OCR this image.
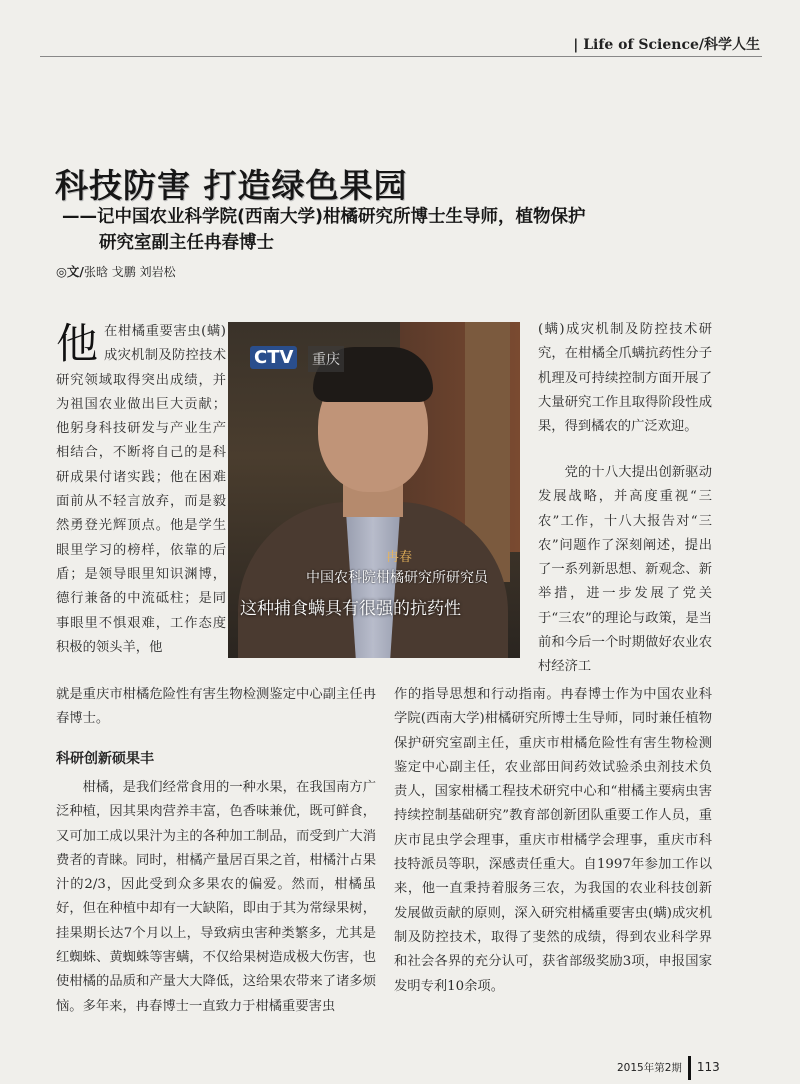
| Life of Science/科学人生
科技防害 打造绿色果园
——记中国农业科学院(西南大学)柑橘研究所博士生导师，植物保护
研究室副主任冉春博士
◎文/张晗 戈鹏 刘岩松
他 在柑橘重要害虫(螨)成灾机制及防控技术研究领域取得突出成绩，并为祖国农业做出巨大贡献；他躬身科技研发与产业生产相结合，不断将自己的是科研成果付诸实践；他在困难面前从不轻言放弃，而是毅然勇登光辉顶点。他是学生眼里学习的榜样，依靠的后盾；是领导眼里知识渊博，德行兼备的中流砥柱；是同事眼里不惧艰难，工作态度积极的领头羊，他

CTV 重庆
冉春
中国农科院柑橘研究所研究员
这种捕食螨具有很强的抗药性

(螨)成灾机制及防控技术研究，在柑橘全爪螨抗药性分子机理及可持续控制方面开展了大量研究工作且取得阶段性成果，得到橘农的广泛欢迎。

党的十八大提出创新驱动发展战略，并高度重视“三农”工作，十八大报告对“三农”问题作了深刻阐述，提出了一系列新思想、新观念、新举措，进一步发展了党关于“三农”的理论与政策，是当前和今后一个时期做好农业农村经济工

就是重庆市柑橘危险性有害生物检测鉴定中心副主任冉春博士。

科研创新硕果丰

柑橘，是我们经常食用的一种水果，在我国南方广泛种植，因其果肉营养丰富，色香味兼优，既可鲜食，又可加工成以果汁为主的各种加工制品，而受到广大消费者的青睐。同时，柑橘产量居百果之首，柑橘汁占果汁的2/3，因此受到众多果农的偏爱。然而，柑橘虽好，但在种植中却有一大缺陷，即由于其为常绿果树，挂果期长达7个月以上，导致病虫害种类繁多，尤其是红蜘蛛、黄蜘蛛等害螨，不仅给果树造成极大伤害，也使柑橘的品质和产量大大降低，这给果农带来了诸多烦恼。多年来，冉春博士一直致力于柑橘重要害虫

作的指导思想和行动指南。冉春博士作为中国农业科学院(西南大学)柑橘研究所博士生导师，同时兼任植物保护研究室副主任，重庆市柑橘危险性有害生物检测鉴定中心副主任，农业部田间药效试验杀虫剂技术负责人，国家柑橘工程技术研究中心和“柑橘主要病虫害持续控制基础研究”教育部创新团队重要工作人员，重庆市昆虫学会理事，重庆市柑橘学会理事，重庆市科技特派员等职，深感责任重大。自1997年参加工作以来，他一直秉持着服务三农，为我国的农业科技创新发展做贡献的原则，深入研究柑橘重要害虫(螨)成灾机制及防控技术，取得了斐然的成绩，得到农业科学界和社会各界的充分认可，获省部级奖励3项，申报国家发明专利10余项。

2015年第2期 113
